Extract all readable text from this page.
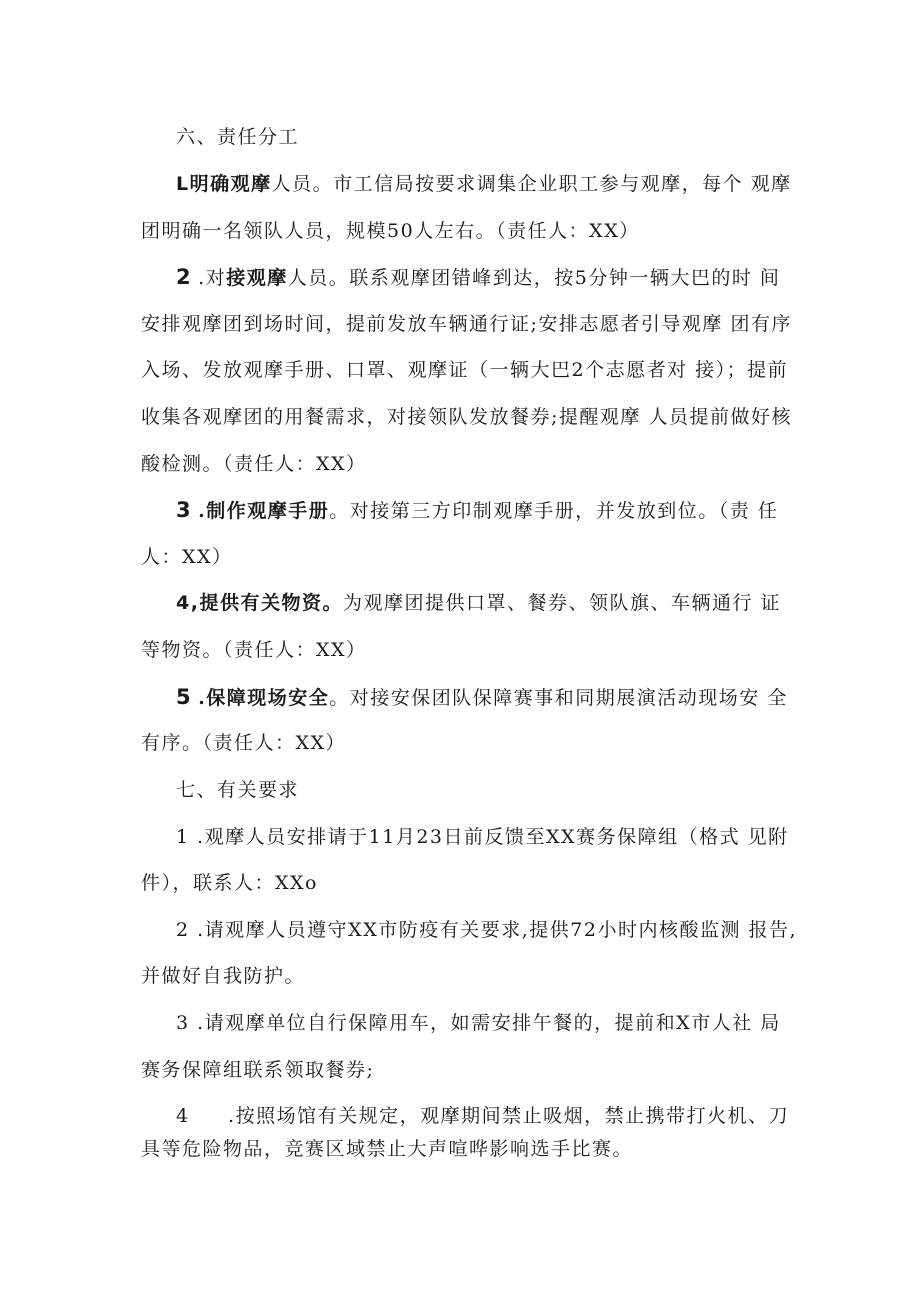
六、责任分工
L明确观摩人员。市工信局按要求调集企业职工参与观摩，每个 观摩
团明确一名领队人员，规模50人左右。（责任人：XX）
2 .对接观摩人员。联系观摩团错峰到达，按5分钟一辆大巴的时 间
安排观摩团到场时间，提前发放车辆通行证;安排志愿者引导观摩 团有序
入场、发放观摩手册、口罩、观摩证（一辆大巴2个志愿者对 接）；提前
收集各观摩团的用餐需求，对接领队发放餐券;提醒观摩 人员提前做好核
酸检测。（责任人：XX）
3 .制作观摩手册。对接第三方印制观摩手册，并发放到位。（责 任
人：XX）
4,提供有关物资。为观摩团提供口罩、餐券、领队旗、车辆通行 证
等物资。（责任人：XX）
5 .保障现场安全。对接安保团队保障赛事和同期展演活动现场安 全
有序。（责任人：XX）
七、有关要求
1 .观摩人员安排请于11月23日前反馈至XX赛务保障组（格式 见附
件），联系人：XXo
2 .请观摩人员遵守XX市防疫有关要求,提供72小时内核酸监测 报告,
并做好自我防护。
3 .请观摩单位自行保障用车，如需安排午餐的，提前和X市人社 局
赛务保障组联系领取餐券;
4 .按照场馆有关规定，观摩期间禁止吸烟，禁止携带打火机、刀
具等危险物品，竞赛区域禁止大声喧哗影响选手比赛。
